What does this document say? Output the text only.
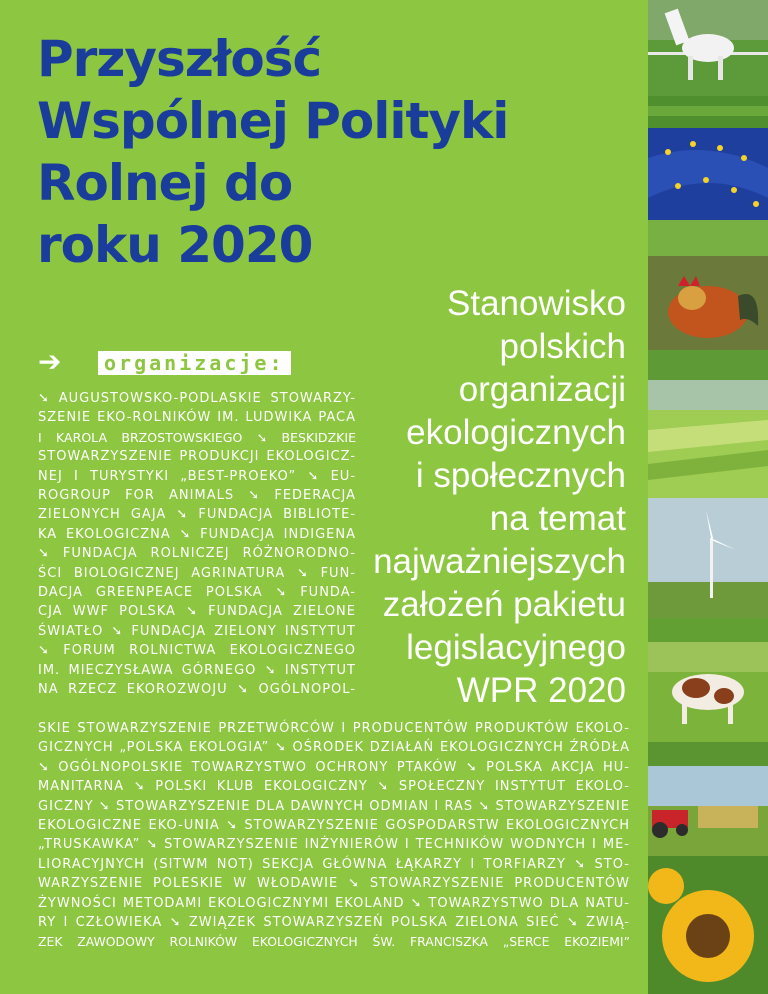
Przyszłość
Wspólnej Polityki
Rolnej do
roku 2020
Stanowisko
polskich
organizacji
ekologicznych
i społecznych
na temat
najważniejszych
założeń pakietu
legislacyjnego
WPR 2020
➔	organizacje:
➘ AUGUSTOWSKO-PODLASKIE STOWARZY-
SZENIE EKO-ROLNIKÓW IM. LUDWIKA PACA
I KAROLA BRZOSTOWSKIEGO ➘ BESKIDZKIE
STOWARZYSZENIE PRODUKCJI EKOLOGICZ-
NEJ I TURYSTYKI „BEST-PROEKO” ➘ EU-
ROGROUP FOR ANIMALS ➘ FEDERACJA
ZIELONYCH GAJA ➘ FUNDACJA BIBLIOTE-
KA EKOLOGICZNA ➘ FUNDACJA INDIGENA
➘ FUNDACJA ROLNICZEJ RÓŻNORODNO-
ŚCI BIOLOGICZNEJ AGRINATURA ➘ FUN-
DACJA GREENPEACE POLSKA ➘ FUNDA-
CJA WWF POLSKA ➘ FUNDACJA ZIELONE
ŚWIATŁO ➘ FUNDACJA ZIELONY INSTYTUT
➘ FORUM ROLNICTWA EKOLOGICZNEGO
IM. MIECZYSŁAWA GÓRNEGO ➘ INSTYTUT
NA RZECZ EKOROZWOJU ➘ OGÓLNOPOL-
SKIE STOWARZYSZENIE PRZETWÓRCÓW I PRODUCENTÓW PRODUKTÓW EKOLO-
GICZNYCH „POLSKA EKOLOGIA” ➘ OŚRODEK DZIAŁAŃ EKOLOGICZNYCH ŹRÓDŁA
➘ OGÓLNOPOLSKIE TOWARZYSTWO OCHRONY PTAKÓW ➘ POLSKA AKCJA HU-
MANITARNA ➘ POLSKI KLUB EKOLOGICZNY ➘ SPOŁECZNY INSTYTUT EKOLO-
GICZNY ➘ STOWARZYSZENIE DLA DAWNYCH ODMIAN I RAS ➘ STOWARZYSZENIE
EKOLOGICZNE EKO-UNIA ➘ STOWARZYSZENIE GOSPODARSTW EKOLOGICZNYCH
„TRUSKAWKA” ➘ STOWARZYSZENIE INŻYNIERÓW I TECHNIKÓW WODNYCH I ME-
LIORACYJNYCH (SITWM NOT) SEKCJA GŁÓWNA ŁĄKARZY I TORFIARZY ➘ STO-
WARZYSZENIE POLESKIE W WŁODAWIE ➘ STOWARZYSZENIE PRODUCENTÓW
ŻYWNOŚCI METODAMI EKOLOGICZNYMI EKOLAND ➘ TOWARZYSTWO DLA NATU-
RY I CZŁOWIEKA ➘ ZWIĄZEK STOWARZYSZEŃ POLSKA ZIELONA SIEĆ ➘ ZWIĄ-
ZEK ZAWODOWY ROLNIKÓW EKOLOGICZNYCH ŚW. FRANCISZKA „SERCE EKOZIEMI”
